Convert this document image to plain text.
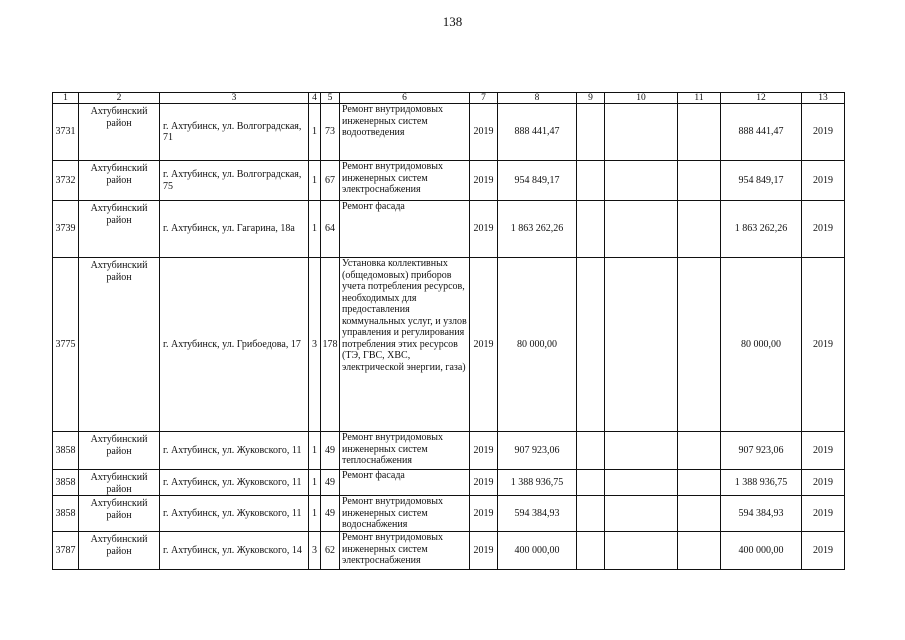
138
1	2	3	4	5	6	7	8	9	10	11	12	13
3731	Ахтубинский район	г. Ахтубинск, ул. Волгоградская, 71	1	73	Ремонт внутридомовых инженерных систем водоотведения	2019	888 441,47				888 441,47	2019
3732	Ахтубинский район	г. Ахтубинск, ул. Волгоградская, 75	1	67	Ремонт внутридомовых инженерных систем электроснабжения	2019	954 849,17				954 849,17	2019
3739	Ахтубинский район	г. Ахтубинск, ул. Гагарина, 18а	1	64	Ремонт фасада	2019	1 863 262,26				1 863 262,26	2019
3775	Ахтубинский район	г. Ахтубинск, ул. Грибоедова, 17	3	178	Установка коллективных (общедомовых) приборов учета потребления ресурсов, необходимых для предоставления коммунальных услуг, и узлов управления и регулирования потребления этих ресурсов (ТЭ, ГВС, ХВС, электрической энергии, газа)	2019	80 000,00				80 000,00	2019
3858	Ахтубинский район	г. Ахтубинск, ул. Жуковского, 11	1	49	Ремонт внутридомовых инженерных систем теплоснабжения	2019	907 923,06				907 923,06	2019
3858	Ахтубинский район	г. Ахтубинск, ул. Жуковского, 11	1	49	Ремонт фасада	2019	1 388 936,75				1 388 936,75	2019
3858	Ахтубинский район	г. Ахтубинск, ул. Жуковского, 11	1	49	Ремонт внутридомовых инженерных систем водоснабжения	2019	594 384,93				594 384,93	2019
3787	Ахтубинский район	г. Ахтубинск, ул. Жуковского, 14	3	62	Ремонт внутридомовых инженерных систем электроснабжения	2019	400 000,00				400 000,00	2019
